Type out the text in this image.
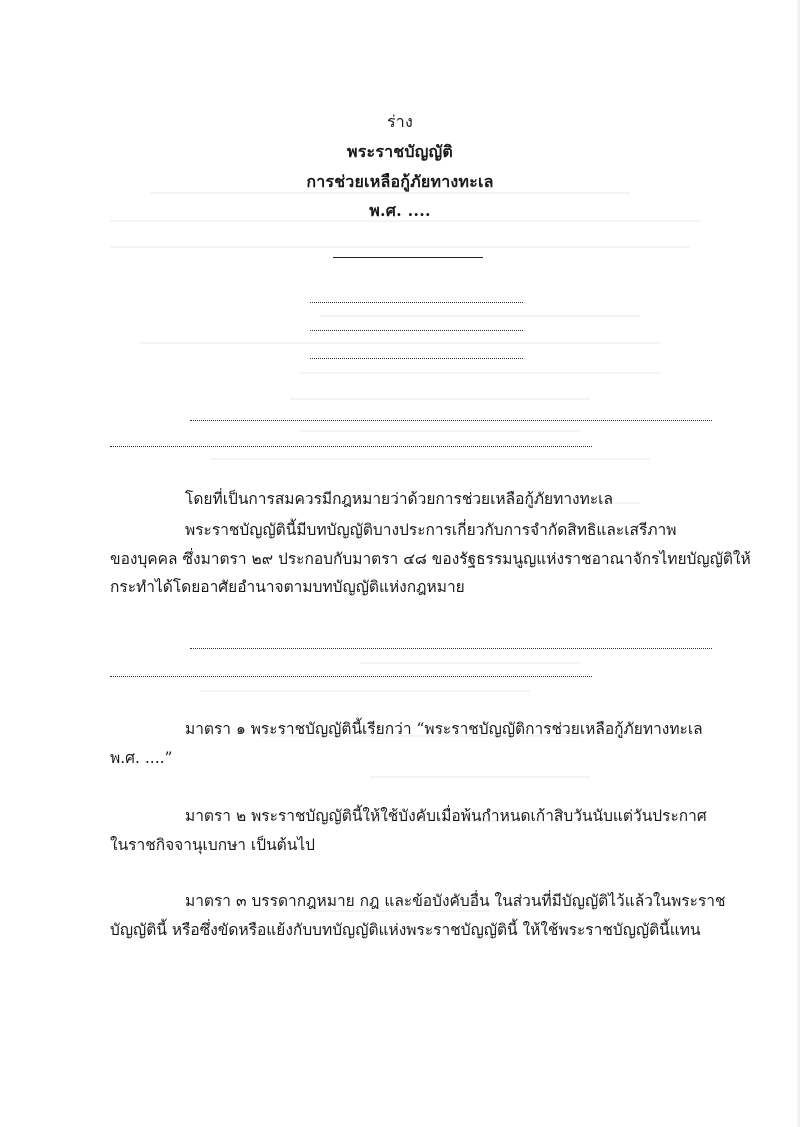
ร่าง
พระราชบัญญัติ
การช่วยเหลือกู้ภัยทางทะเล
พ.ศ. ....
โดยที่เป็นการสมควรมีกฎหมายว่าด้วยการช่วยเหลือกู้ภัยทางทะเล
พระราชบัญญัตินี้มีบทบัญญัติบางประการเกี่ยวกับการจำกัดสิทธิและเสรีภาพ
ของบุคคล ซึ่งมาตรา ๒๙ ประกอบกับมาตรา ๔๘ ของรัฐธรรมนูญแห่งราชอาณาจักรไทยบัญญัติให้
กระทำได้โดยอาศัยอำนาจตามบทบัญญัติแห่งกฎหมาย
มาตรา ๑ พระราชบัญญัตินี้เรียกว่า “พระราชบัญญัติการช่วยเหลือกู้ภัยทางทะเล
พ.ศ. ....”
มาตรา ๒ พระราชบัญญัตินี้ให้ใช้บังคับเมื่อพ้นกำหนดเก้าสิบวันนับแต่วันประกาศ
ในราชกิจจานุเบกษา เป็นต้นไป
มาตรา ๓ บรรดากฎหมาย กฎ และข้อบังคับอื่น ในส่วนที่มีบัญญัติไว้แล้วในพระราช
บัญญัตินี้ หรือซึ่งขัดหรือแย้งกับบทบัญญัติแห่งพระราชบัญญัตินี้ ให้ใช้พระราชบัญญัตินี้แทน
